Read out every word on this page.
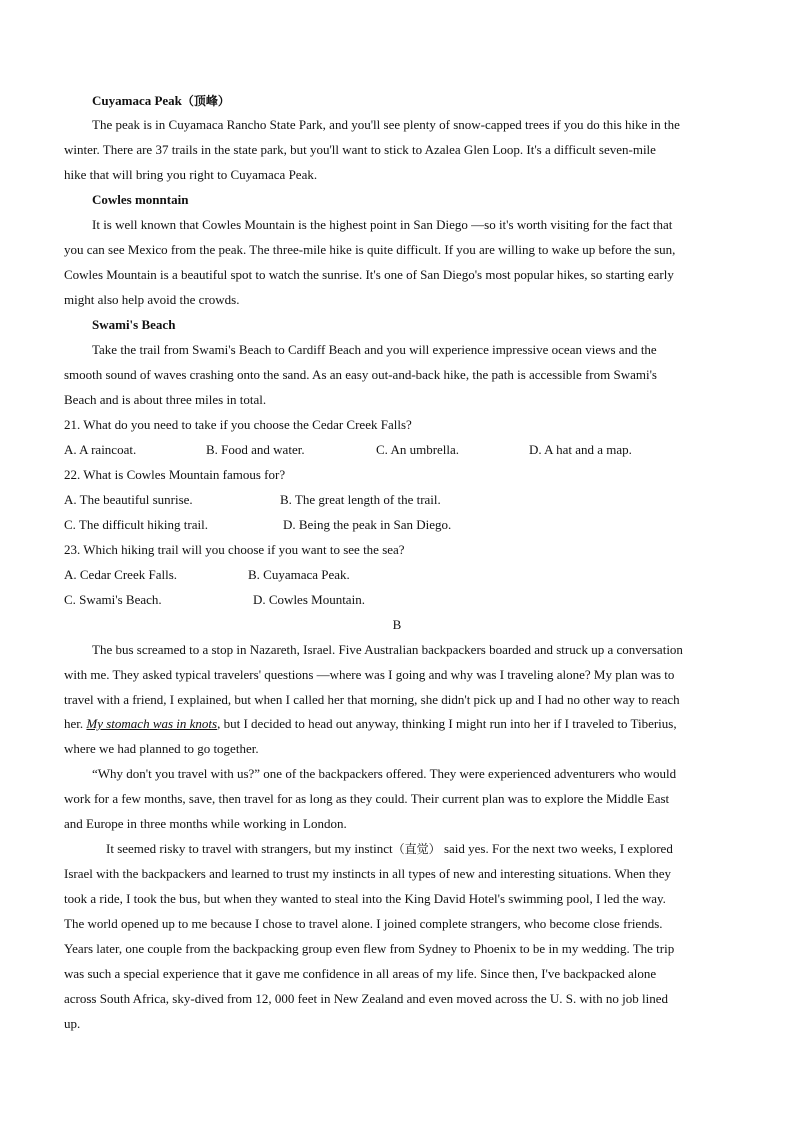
Cuyamaca Peak（顶峰）
The peak is in Cuyamaca Rancho State Park, and you'll see plenty of snow-capped trees if you do this hike in the
winter. There are 37 trails in the state park, but you'll want to stick to Azalea Glen Loop. It's a difficult seven-mile
hike that will bring you right to Cuyamaca Peak.
Cowles monntain
It is well known that Cowles Mountain is the highest point in San Diego —so it's worth visiting for the fact that
you can see Mexico from the peak. The three-mile hike is quite difficult. If you are willing to wake up before the sun,
Cowles Mountain is a beautiful spot to watch the sunrise. It's one of San Diego's most popular hikes, so starting early
might also help avoid the crowds.
Swami's Beach
Take the trail from Swami's Beach to Cardiff Beach and you will experience impressive ocean views and the
smooth sound of waves crashing onto the sand. As an easy out-and-back hike, the path is accessible from Swami's
Beach and is about three miles in total.
21. What do you need to take if you choose the Cedar Creek Falls?
A. A raincoat.	B. Food and water.	C. An umbrella.	D. A hat and a map.
22. What is Cowles Mountain famous for?
A. The beautiful sunrise.	B. The great length of the trail.
C. The difficult hiking trail.	D. Being the peak in San Diego.
23. Which hiking trail will you choose if you want to see the sea?
A. Cedar Creek Falls.	B. Cuyamaca Peak.
C. Swami's Beach.	D. Cowles Mountain.
B
The bus screamed to a stop in Nazareth, Israel. Five Australian backpackers boarded and struck up a conversation
with me. They asked typical travelers' questions —where was I going and why was I traveling alone? My plan was to
travel with a friend, I explained, but when I called her that morning, she didn't pick up and I had no other way to reach
her. My stomach was in knots, but I decided to head out anyway, thinking I might run into her if I traveled to Tiberius,
where we had planned to go together.
“Why don't you travel with us?” one of the backpackers offered. They were experienced adventurers who would
work for a few months, save, then travel for as long as they could. Their current plan was to explore the Middle East
and Europe in three months while working in London.
It seemed risky to travel with strangers, but my instinct（直觉） said yes. For the next two weeks, I explored
Israel with the backpackers and learned to trust my instincts in all types of new and interesting situations. When they
took a ride, I took the bus, but when they wanted to steal into the King David Hotel's swimming pool, I led the way.
The world opened up to me because I chose to travel alone. I joined complete strangers, who become close friends.
Years later, one couple from the backpacking group even flew from Sydney to Phoenix to be in my wedding. The trip
was such a special experience that it gave me confidence in all areas of my life. Since then, I've backpacked alone
across South Africa, sky-dived from 12, 000 feet in New Zealand and even moved across the U. S. with no job lined
up.
